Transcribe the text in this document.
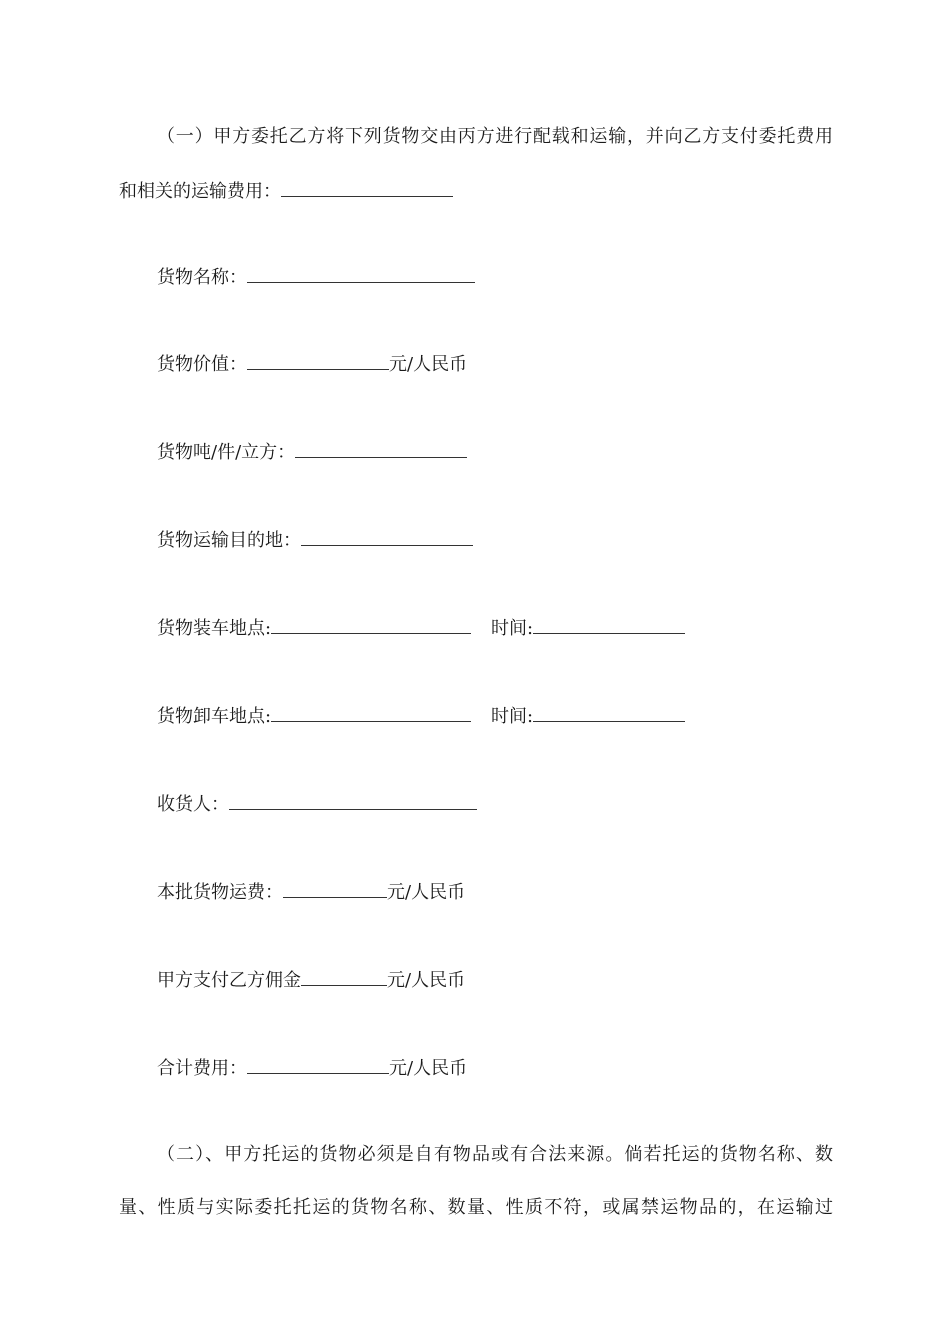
（一）甲方委托乙方将下列货物交由丙方进行配载和运输，并向乙方支付委托费用
和相关的运输费用：
货物名称：
货物价值：	元/人民币
货物吨/件/立方：
货物运输目的地：
货物装车地点:	时间:
货物卸车地点:	时间:
收货人：
本批货物运费：	元/人民币
甲方支付乙方佣金	元/人民币
合计费用：	元/人民币
（二）、甲方托运的货物必须是自有物品或有合法来源。倘若托运的货物名称、数
量、性质与实际委托托运的货物名称、数量、性质不符，或属禁运物品的，在运输过
